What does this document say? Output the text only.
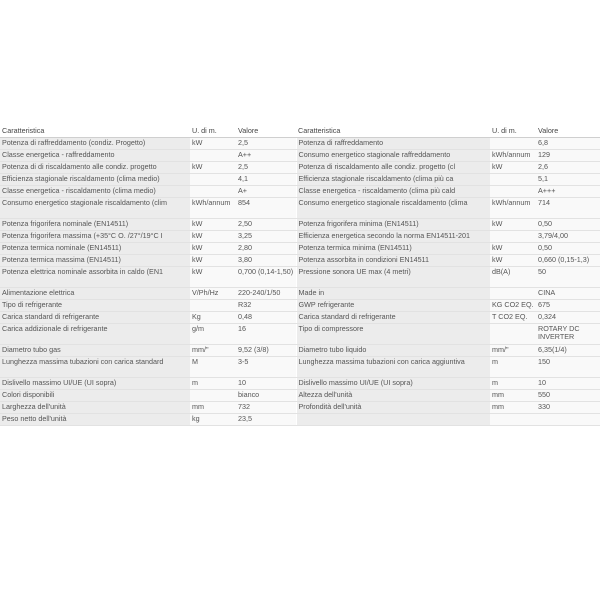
Caratteristica	U. di m.	Valore	Caratteristica	U. di m.	Valore
Potenza di raffreddamento (condiz. Progetto)	kW	2,5	Potenza di raffreddamento		6,8
Classe energetica - raffreddamento		A++	Consumo energetico stagionale raffreddamento	kWh/annum	129
Potenza di di riscaldamento alle condiz. progetto	kW	2,5	Potenza di riscaldamento alle condiz. progetto (cl	kW	2,6
Efficienza stagionale riscaldamento (clima medio)		4,1	Efficienza stagionale riscaldamento (clima più ca		5,1
Classe energetica - riscaldamento (clima medio)		A+	Classe energetica - riscaldamento (clima più cald		A+++
Consumo energetico stagionale riscaldamento (clim	kWh/annum	854	Consumo energetico stagionale riscaldamento (clima	kWh/annum	714
Potenza frigorifera nominale (EN14511)	kW	2,50	Potenza frigorifera minima (EN14511)	kW	0,50
Potenza frigorifera massima (+35°C O. /27°/19°C I	kW	3,25	Efficienza energetica secondo la norma EN14511-201		3,79/4,00
Potenza termica nominale (EN14511)	kW	2,80	Potenza termica minima (EN14511)	kW	0,50
Potenza termica massima (EN14511)	kW	3,80	Potenza assorbita in condizioni EN14511	kW	0,660 (0,15-1,3)
Potenza elettrica nominale assorbita in caldo (EN1	kW	0,700 (0,14-1,50)	Pressione sonora UE max (4 metri)	dB(A)	50
Alimentazione elettrica	V/Ph/Hz	220-240/1/50	Made in		CINA
Tipo di refrigerante		R32	GWP refrigerante	KG CO2 EQ.	675
Carica standard di refrigerante	Kg	0,48	Carica standard di refrigerante	T CO2 EQ.	0,324
Carica addizionale di refrigerante	g/m	16	Tipo di compressore		ROTARY DC INVERTER
Diametro tubo gas	mm/"	9,52 (3/8)	Diametro tubo liquido	mm/"	6,35(1/4)
Lunghezza massima tubazioni con carica standard	M	3-5	Lunghezza massima tubazioni con carica aggiuntiva	m	150
Dislivello massimo UI/UE (UI sopra)	m	10	Dislivello massimo UI/UE (UI sopra)	m	10
Colori disponibili		bianco	Altezza dell'unità	mm	550
Larghezza dell'unità	mm	732	Profondità dell'unità	mm	330
Peso netto dell'unità	kg	23,5			
